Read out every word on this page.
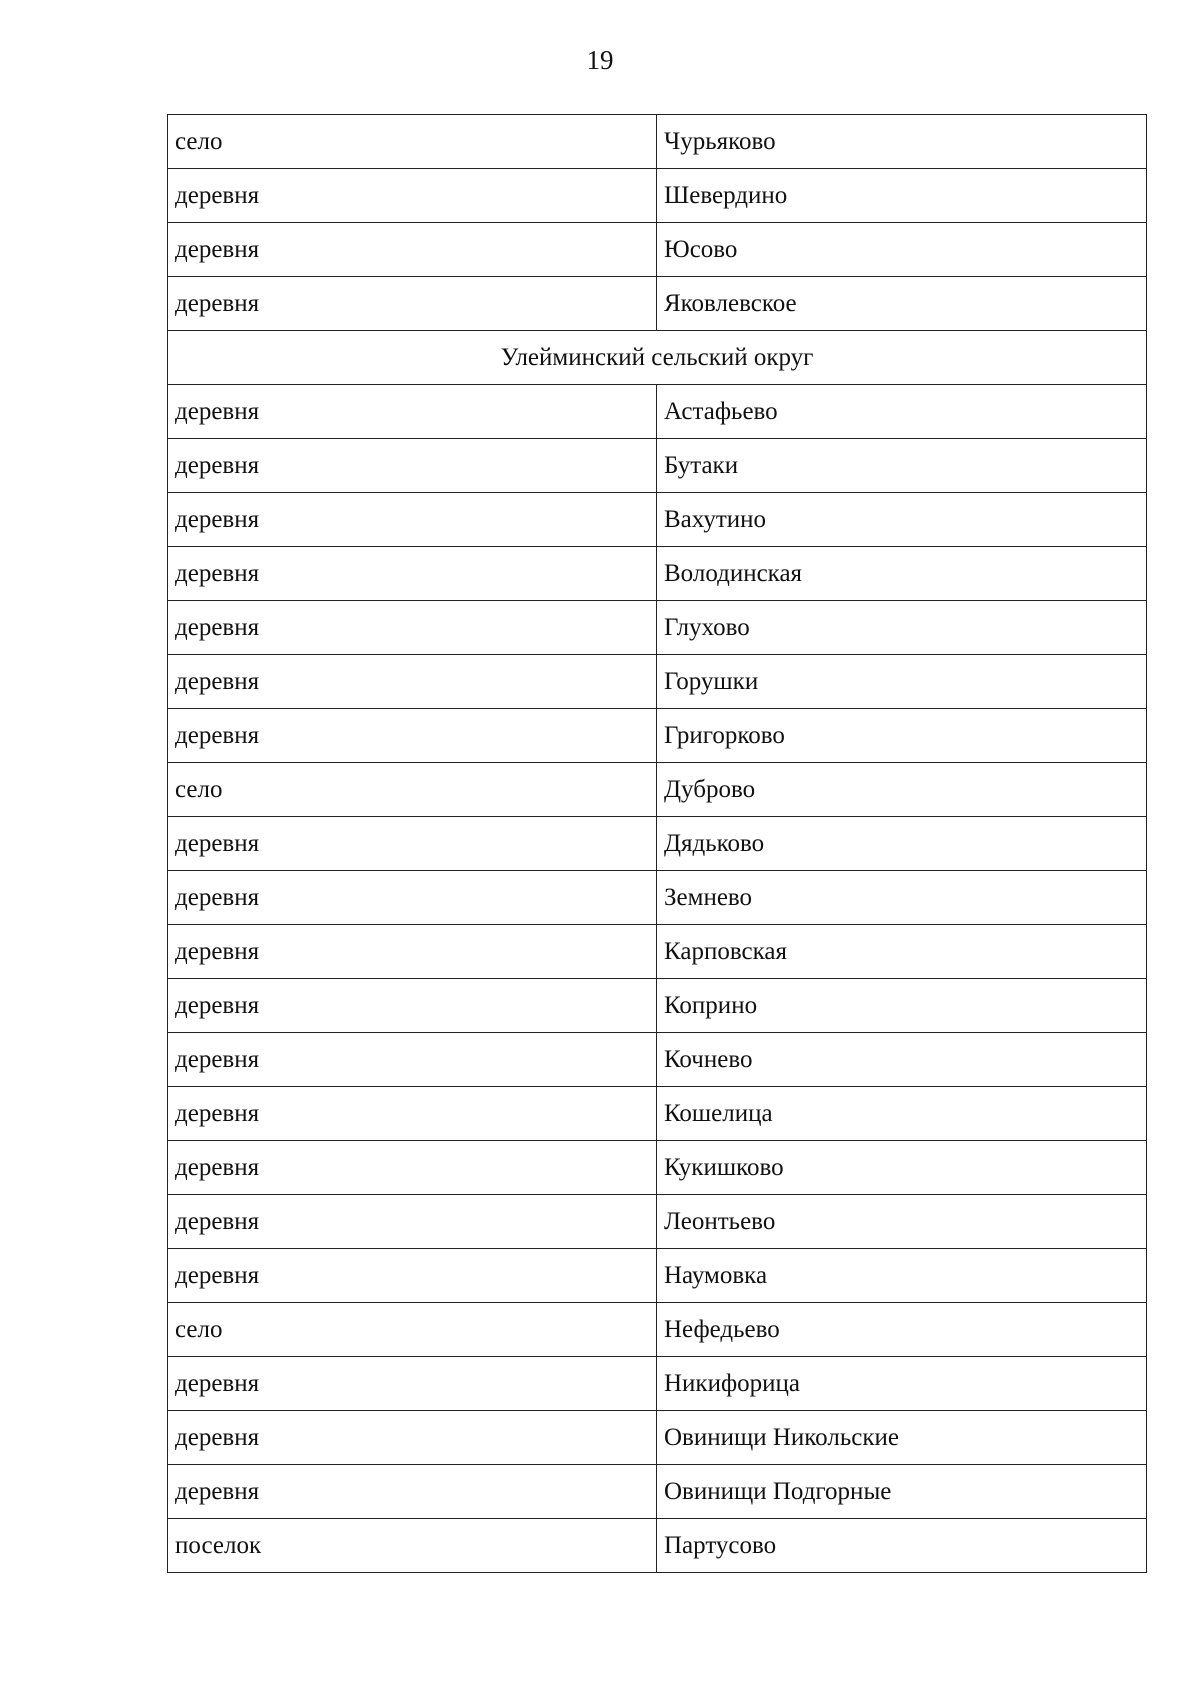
19
село	Чурьяково
деревня	Шевердино
деревня	Юсово
деревня	Яковлевское
Улейминский сельский округ	
деревня	Астафьево
деревня	Бутаки
деревня	Вахутино
деревня	Володинская
деревня	Глухово
деревня	Горушки
деревня	Григорково
село	Дуброво
деревня	Дядьково
деревня	Земнево
деревня	Карповская
деревня	Коприно
деревня	Кочнево
деревня	Кошелица
деревня	Кукишково
деревня	Леонтьево
деревня	Наумовка
село	Нефедьево
деревня	Никифорица
деревня	Овинищи Никольские
деревня	Овинищи Подгорные
поселок	Партусово
